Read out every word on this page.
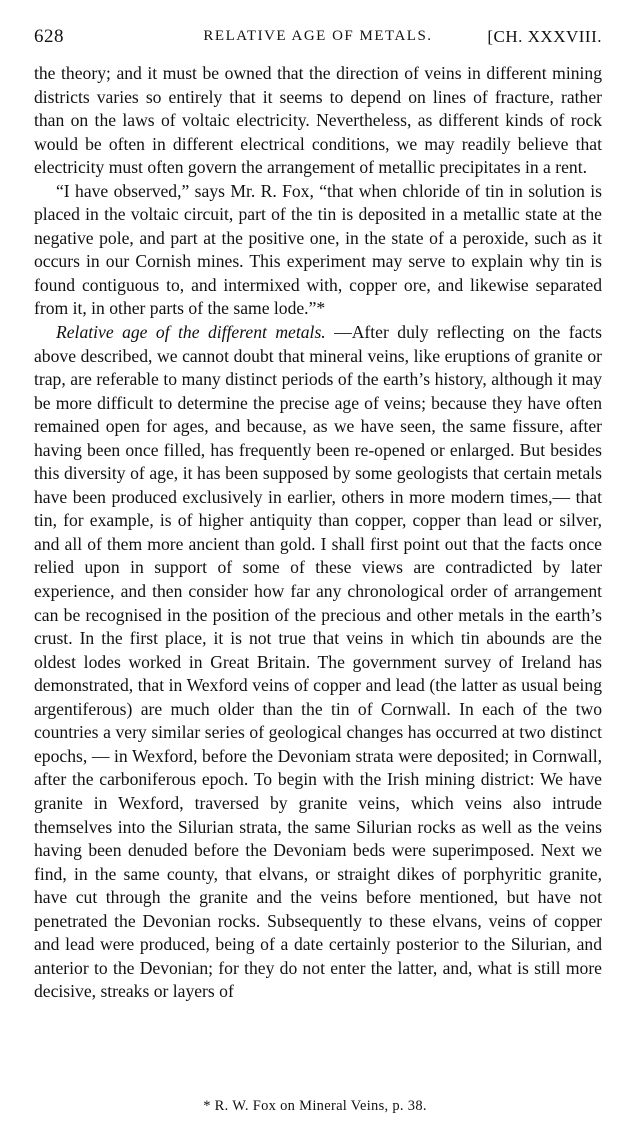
628	RELATIVE AGE OF METALS.	[CH. XXXVIII.

the theory; and it must be owned that the direction of veins in different mining districts varies so entirely that it seems to depend on lines of fracture, rather than on the laws of voltaic electricity. Nevertheless, as different kinds of rock would be often in different electrical conditions, we may readily believe that electricity must often govern the arrangement of metallic precipitates in a rent.

“I have observed,” says Mr. R. Fox, “that when chloride of tin in solution is placed in the voltaic circuit, part of the tin is deposited in a metallic state at the negative pole, and part at the positive one, in the state of a peroxide, such as it occurs in our Cornish mines. This experiment may serve to explain why tin is found contiguous to, and intermixed with, copper ore, and likewise separated from it, in other parts of the same lode.”*

Relative age of the different metals. —After duly reflecting on the facts above described, we cannot doubt that mineral veins, like eruptions of granite or trap, are referable to many distinct periods of the earth’s history, although it may be more difficult to determine the precise age of veins; because they have often remained open for ages, and because, as we have seen, the same fissure, after having been once filled, has frequently been re-opened or enlarged. But besides this diversity of age, it has been supposed by some geologists that certain metals have been produced exclusively in earlier, others in more modern times,— that tin, for example, is of higher antiquity than copper, copper than lead or silver, and all of them more ancient than gold. I shall first point out that the facts once relied upon in support of some of these views are contradicted by later experience, and then consider how far any chronological order of arrangement can be recognised in the position of the precious and other metals in the earth’s crust. In the first place, it is not true that veins in which tin abounds are the oldest lodes worked in Great Britain. The government survey of Ireland has demonstrated, that in Wexford veins of copper and lead (the latter as usual being argentiferous) are much older than the tin of Cornwall. In each of the two countries a very similar series of geological changes has occurred at two distinct epochs, — in Wexford, before the Devoniam strata were deposited; in Cornwall, after the carboniferous epoch. To begin with the Irish mining district: We have granite in Wexford, traversed by granite veins, which veins also intrude themselves into the Silurian strata, the same Silurian rocks as well as the veins having been denuded before the Devoniam beds were superimposed. Next we find, in the same county, that elvans, or straight dikes of porphyritic granite, have cut through the granite and the veins before mentioned, but have not penetrated the Devonian rocks. Subsequently to these elvans, veins of copper and lead were produced, being of a date certainly posterior to the Silurian, and anterior to the Devonian; for they do not enter the latter, and, what is still more decisive, streaks or layers of

* R. W. Fox on Mineral Veins, p. 38.
